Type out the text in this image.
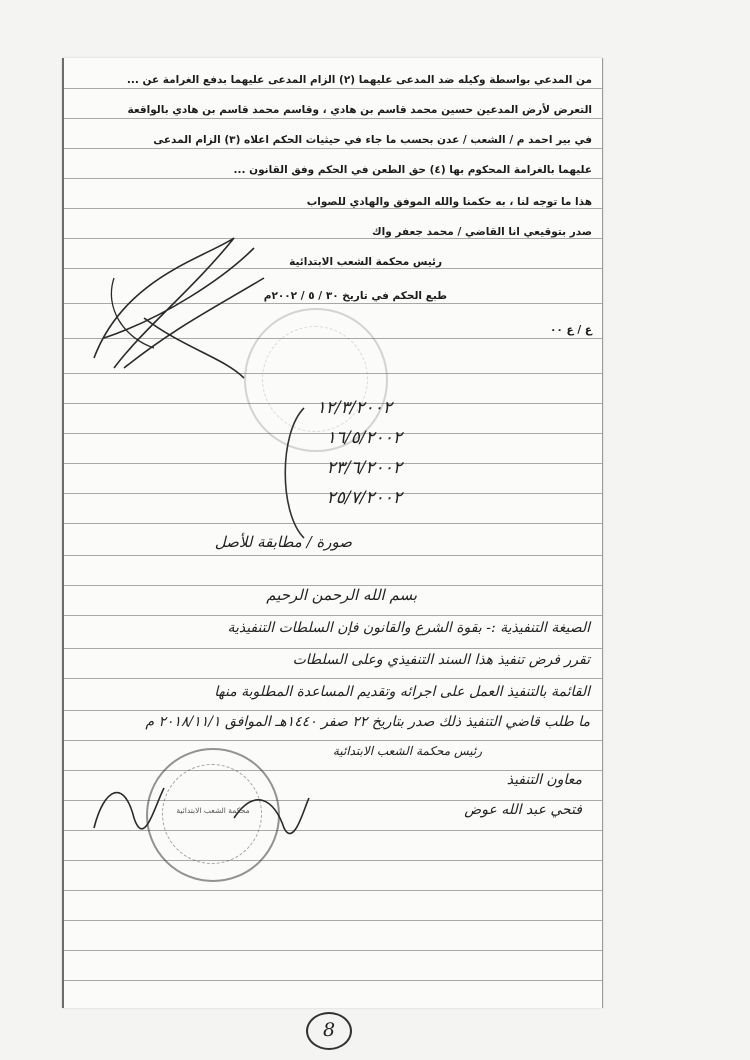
من المدعي بواسطة وكيله ضد المدعى عليهما (٢) الزام المدعى عليهما بدفع الغرامة عن ...
التعرض لأرض المدعين حسين محمد قاسم بن هادي ، وقاسم محمد قاسم بن هادي بالواقعة
في بير احمد م / الشعب / عدن بحسب ما جاء في حيثيات الحكم اعلاه (٣) الزام المدعى
عليهما بالغرامة المحكوم بها (٤) حق الطعن في الحكم وفق القانون ...
هذا ما توجه لنا ، به حكمنا والله الموفق والهادي للصواب
صدر بتوقيعي انا القاضي / محمد جعفر واك
رئيس محكمة الشعب الابتدائية
طبع الحكم في تاريخ ٣٠ / ٥ / ٢٠٠٢م
ع / ع ٠٠
١٢/٣/٢٠٠٢
١٦/٥/٢٠٠٢
٢٣/٦/٢٠٠٢
٢٥/٧/٢٠٠٢
صورة / مطابقة للأصل
بسم الله الرحمن الرحيم
الصيغة التنفيذية :- بقوة الشرع والقانون فإن السلطات التنفيذية
تقرر فرض تنفيذ هذا السند التنفيذي وعلى السلطات
القائمة بالتنفيذ العمل على اجرائه وتقديم المساعدة المطلوبة منها
ما طلب قاضي التنفيذ ذلك صدر بتاريخ ٢٢ صفر ١٤٤٠هـ الموافق ٢٠١٨/١١/١ م
رئيس محكمة الشعب الابتدائية
معاون التنفيذ
فتحي عبد الله عوض
محكمة الشعب الابتدائية
8
